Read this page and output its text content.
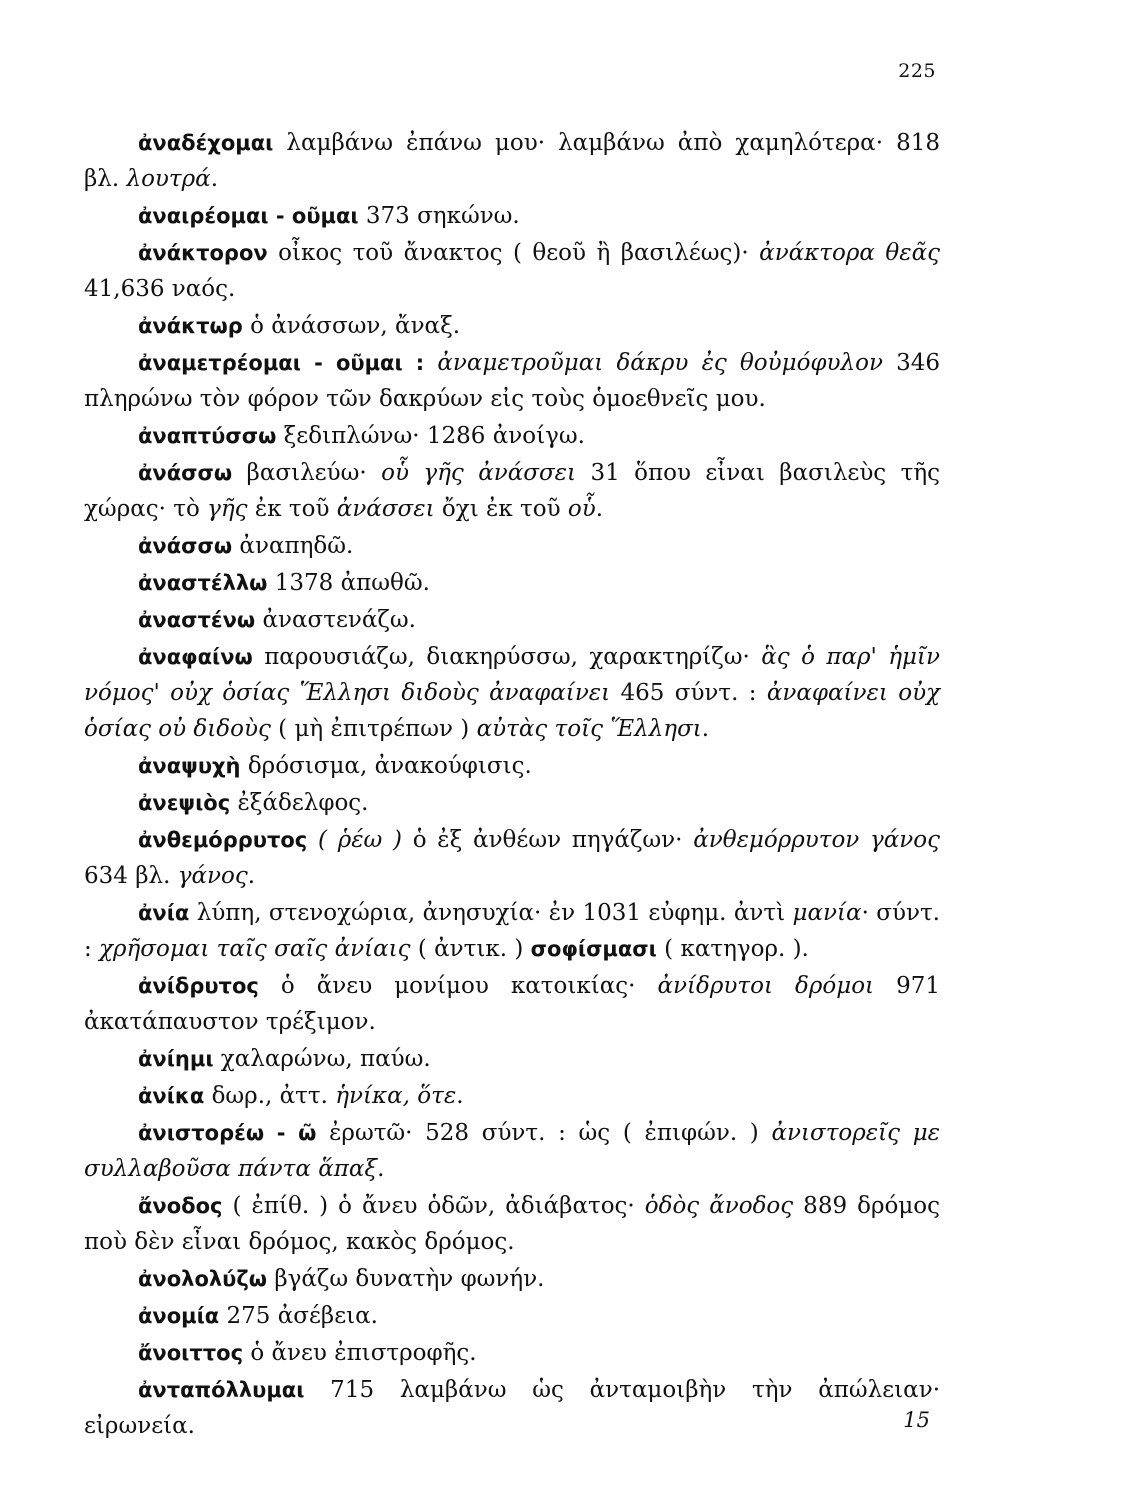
225

ἀναδέχομαι λαμβάνω ἐπάνω μου· λαμβάνω ἀπὸ χαμηλότερα· 818 βλ. λουτρά.

ἀναιρέομαι - οῦμαι 373 σηκώνω.

ἀνάκτορον οἶκος τοῦ ἄνακτος ( θεοῦ ἢ βασιλέως)· ἀνάκτορα θεᾶς 41,636 ναός.

ἀνάκτωρ ὁ ἀνάσσων, ἄναξ.

ἀναμετρέομαι - οῦμαι : ἀναμετροῦμαι δάκρυ ἐς θοὐμόφυλον 346 πληρώνω τὸν φόρον τῶν δακρύων εἰς τοὺς ὁμοεθνεῖς μου.

ἀναπτύσσω ξεδιπλώνω· 1286 ἀνοίγω.

ἀνάσσω βασιλεύω· οὗ γῆς ἀνάσσει 31 ὅπου εἶναι βασιλεὺς τῆς χώρας· τὸ γῆς ἐκ τοῦ ἀνάσσει ὄχι ἐκ τοῦ οὗ.

ἀνάσσω ἀναπηδῶ.

ἀναστέλλω 1378 ἀπωθῶ.

ἀναστένω ἀναστενάζω.

ἀναφαίνω παρουσιάζω, διακηρύσσω, χαρακτηρίζω· ἃς ὁ παρ' ἡμῖν νόμος' οὐχ ὁσίας Ἕλλησι διδοὺς ἀναφαίνει 465 σύντ. : ἀναφαίνει οὐχ ὁσίας οὐ διδοὺς ( μὴ ἐπιτρέπων ) αὐτὰς τοῖς Ἕλλησι.

ἀναψυχὴ δρόσισμα, ἀνακούφισις.

ἀνεψιὸς ἐξάδελφος.

ἀνθεμόρρυτος ( ῥέω ) ὁ ἐξ ἀνθέων πηγάζων· ἀνθεμόρρυτον γάνος 634 βλ. γάνος.

ἀνία λύπη, στενοχώρια, ἀνησυχία· ἐν 1031 εὐφημ. ἀντὶ μανία· σύντ. : χρῆσομαι ταῖς σαῖς ἀνίαις ( ἀντικ. ) σοφίσμασι ( κατηγορ. ).

ἀνίδρυτος ὁ ἄνευ μονίμου κατοικίας· ἀνίδρυτοι δρόμοι 971 ἀκατάπαυστον τρέξιμον.

ἀνίημι χαλαρώνω, παύω.

ἀνίκα δωρ., ἀττ. ἡνίκα, ὅτε.

ἀνιστορέω - ῶ ἐρωτῶ· 528 σύντ. : ὡς ( ἐπιφών. ) ἀνιστορεῖς με συλλαβοῦσα πάντα ἅπαξ.

ἄνοδος ( ἐπίθ. ) ὁ ἄνευ ὁδῶν, ἀδιάβατος· ὁδὸς ἄνοδος 889 δρόμος ποὺ δὲν εἶναι δρόμος, κακὸς δρόμος.

ἀνολολύζω βγάζω δυνατὴν φωνήν.

ἀνομία 275 ἀσέβεια.

ἄνοιττος ὁ ἄνευ ἐπιστροφῆς.

ἀνταπόλλυμαι 715 λαμβάνω ὡς ἀνταμοιβὴν τὴν ἀπώλειαν· εἰρωνεία.	15
